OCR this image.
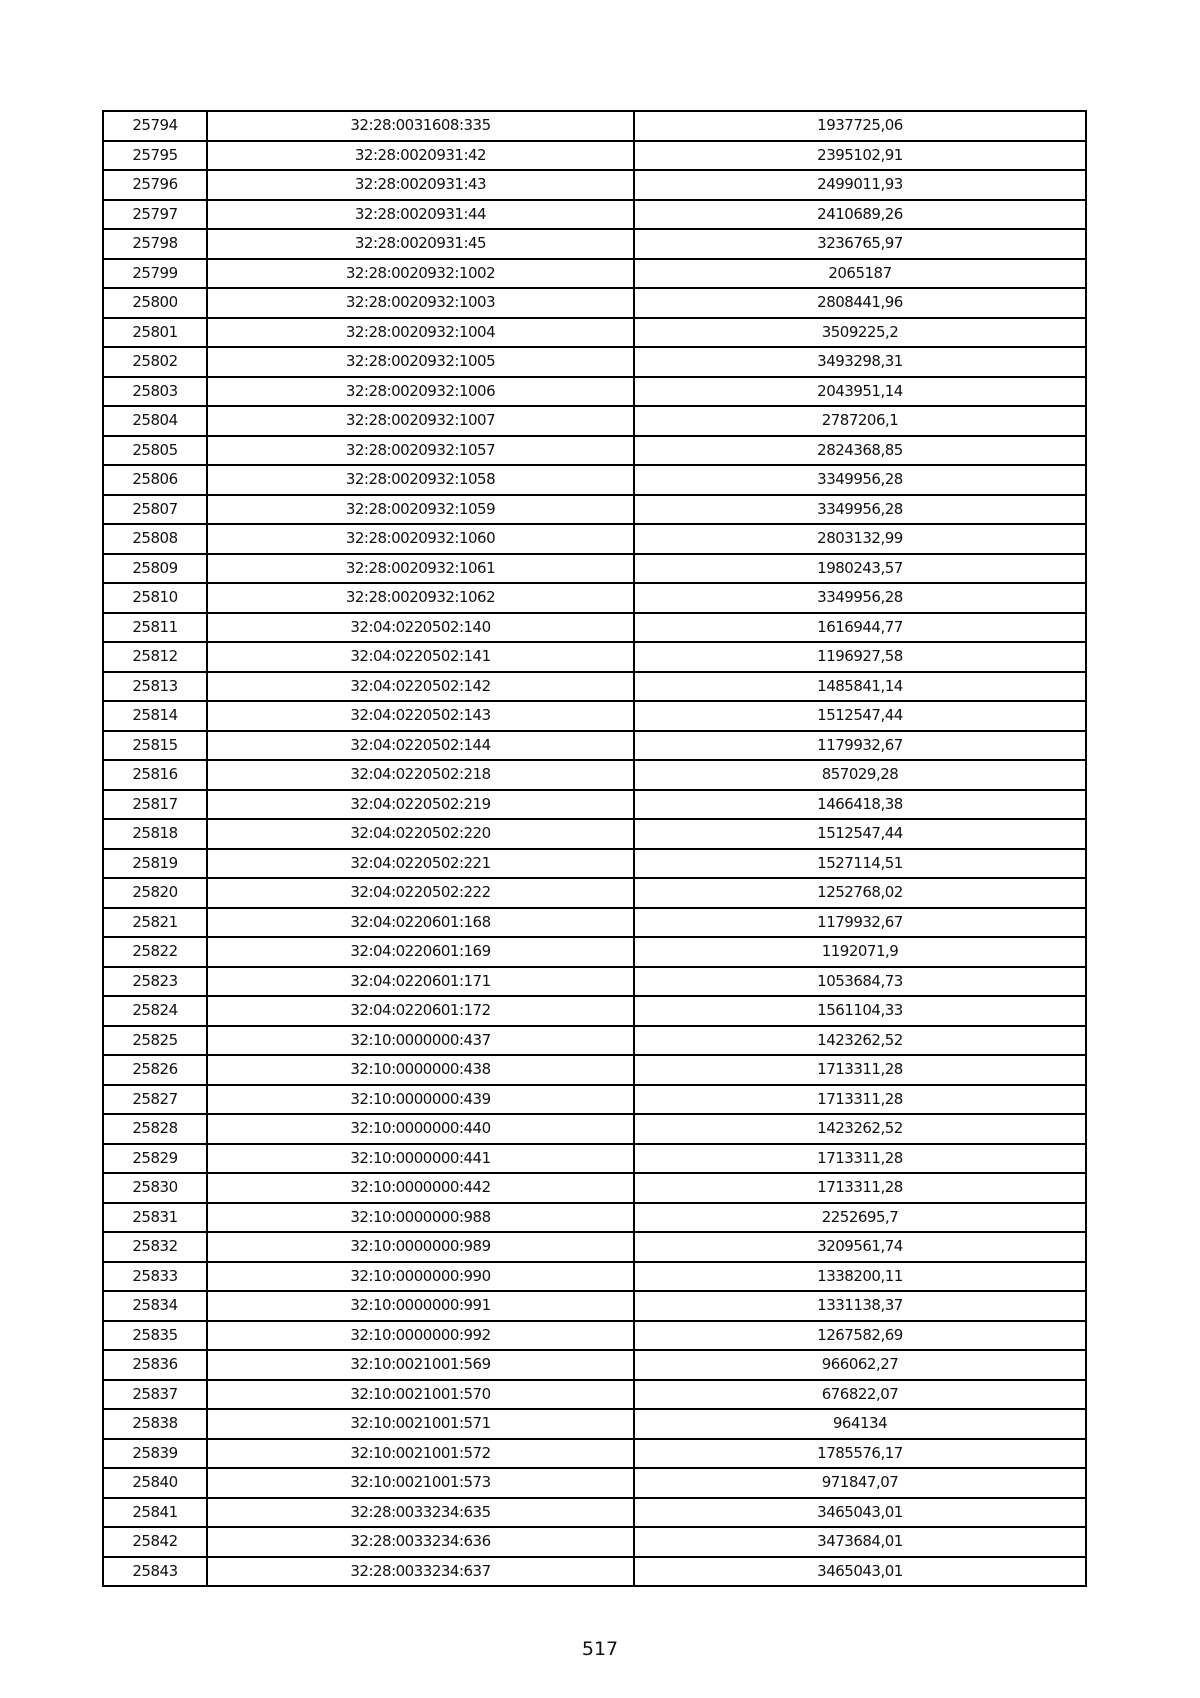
25794	32:28:0031608:335	1937725,06
25795	32:28:0020931:42	2395102,91
25796	32:28:0020931:43	2499011,93
25797	32:28:0020931:44	2410689,26
25798	32:28:0020931:45	3236765,97
25799	32:28:0020932:1002	2065187
25800	32:28:0020932:1003	2808441,96
25801	32:28:0020932:1004	3509225,2
25802	32:28:0020932:1005	3493298,31
25803	32:28:0020932:1006	2043951,14
25804	32:28:0020932:1007	2787206,1
25805	32:28:0020932:1057	2824368,85
25806	32:28:0020932:1058	3349956,28
25807	32:28:0020932:1059	3349956,28
25808	32:28:0020932:1060	2803132,99
25809	32:28:0020932:1061	1980243,57
25810	32:28:0020932:1062	3349956,28
25811	32:04:0220502:140	1616944,77
25812	32:04:0220502:141	1196927,58
25813	32:04:0220502:142	1485841,14
25814	32:04:0220502:143	1512547,44
25815	32:04:0220502:144	1179932,67
25816	32:04:0220502:218	857029,28
25817	32:04:0220502:219	1466418,38
25818	32:04:0220502:220	1512547,44
25819	32:04:0220502:221	1527114,51
25820	32:04:0220502:222	1252768,02
25821	32:04:0220601:168	1179932,67
25822	32:04:0220601:169	1192071,9
25823	32:04:0220601:171	1053684,73
25824	32:04:0220601:172	1561104,33
25825	32:10:0000000:437	1423262,52
25826	32:10:0000000:438	1713311,28
25827	32:10:0000000:439	1713311,28
25828	32:10:0000000:440	1423262,52
25829	32:10:0000000:441	1713311,28
25830	32:10:0000000:442	1713311,28
25831	32:10:0000000:988	2252695,7
25832	32:10:0000000:989	3209561,74
25833	32:10:0000000:990	1338200,11
25834	32:10:0000000:991	1331138,37
25835	32:10:0000000:992	1267582,69
25836	32:10:0021001:569	966062,27
25837	32:10:0021001:570	676822,07
25838	32:10:0021001:571	964134
25839	32:10:0021001:572	1785576,17
25840	32:10:0021001:573	971847,07
25841	32:28:0033234:635	3465043,01
25842	32:28:0033234:636	3473684,01
25843	32:28:0033234:637	3465043,01
517
